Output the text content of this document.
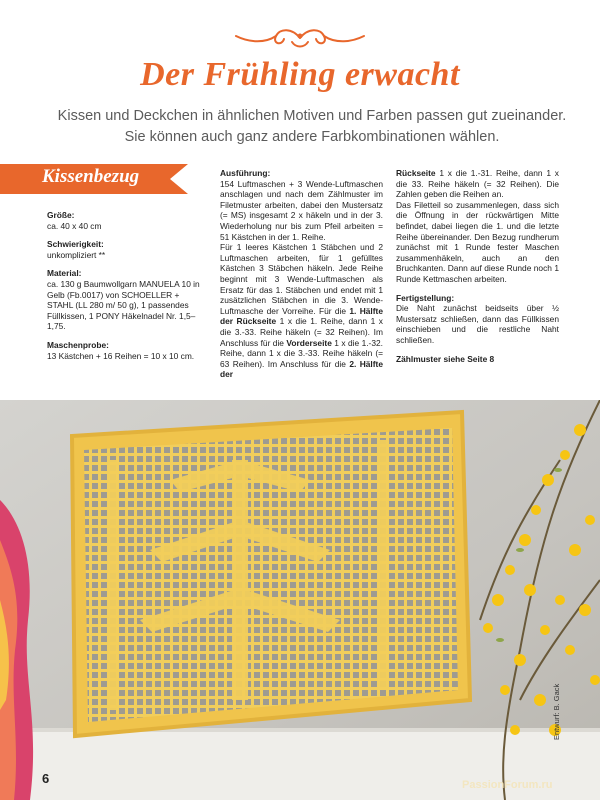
Der Frühling erwacht
Kissen und Deckchen in ähnlichen Motiven und Farben passen gut zueinander. Sie können auch ganz andere Farbkombinationen wählen.
Kissenbezug
Größe:
ca. 40 x 40 cm
Schwierigkeit:
unkompliziert **
Material:
ca. 130 g Baumwollgarn MANUELA 10 in Gelb (Fb.0017) von SCHOELLER + STAHL (LL 280 m/ 50 g), 1 passendes Füllkissen, 1 PONY Häkelnadel Nr. 1,5–1,75.
Maschenprobe:
13 Kästchen + 16 Reihen = 10 x 10 cm.
Ausführung:
154 Luftmaschen + 3 Wende-Luftmaschen anschlagen und nach dem Zählmuster im Filetmuster arbeiten, dabei den Mustersatz (= MS) insgesamt 2 x häkeln und in der 3. Wiederholung nur bis zum Pfeil arbeiten = 51 Kästchen in der 1. Reihe.
Für 1 leeres Kästchen 1 Stäbchen und 2 Luftmaschen arbeiten, für 1 gefülltes Kästchen 3 Stäbchen häkeln. Jede Reihe beginnt mit 3 Wende-Luftmaschen als Ersatz für das 1. Stäbchen und endet mit 1 zusätzlichen Stäbchen in die 3. Wende-Luftmasche der Vorreihe. Für die 1. Hälfte der Rückseite 1 x die 1. Reihe, dann 1 x die 3.-33. Reihe häkeln (= 32 Reihen). Im Anschluss für die Vorderseite 1 x die 1.-32. Reihe, dann 1 x die 3.-33. Reihe häkeln (= 63 Reihen). Im Anschluss für die 2. Hälfte der
Rückseite 1 x die 1.-31. Reihe, dann 1 x die 33. Reihe häkeln (= 32 Reihen). Die Zahlen geben die Reihen an.
Das Filetteil so zusammenlegen, dass sich die Öffnung in der rückwärtigen Mitte befindet, dabei liegen die 1. und die letzte Reihe übereinander. Den Bezug rundherum zunächst mit 1 Runde fester Maschen zusammenhäkeln, auch an den Bruchkanten. Dann auf diese Runde noch 1 Runde Kettmaschen arbeiten.
Fertigstellung:
Die Naht zunächst beidseits über ½ Mustersatz schließen, dann das Füllkissen einschieben und die restliche Naht schließen.
Zählmuster siehe Seite 8
6
Entwurf: B. Gack
PassionForum.ru
